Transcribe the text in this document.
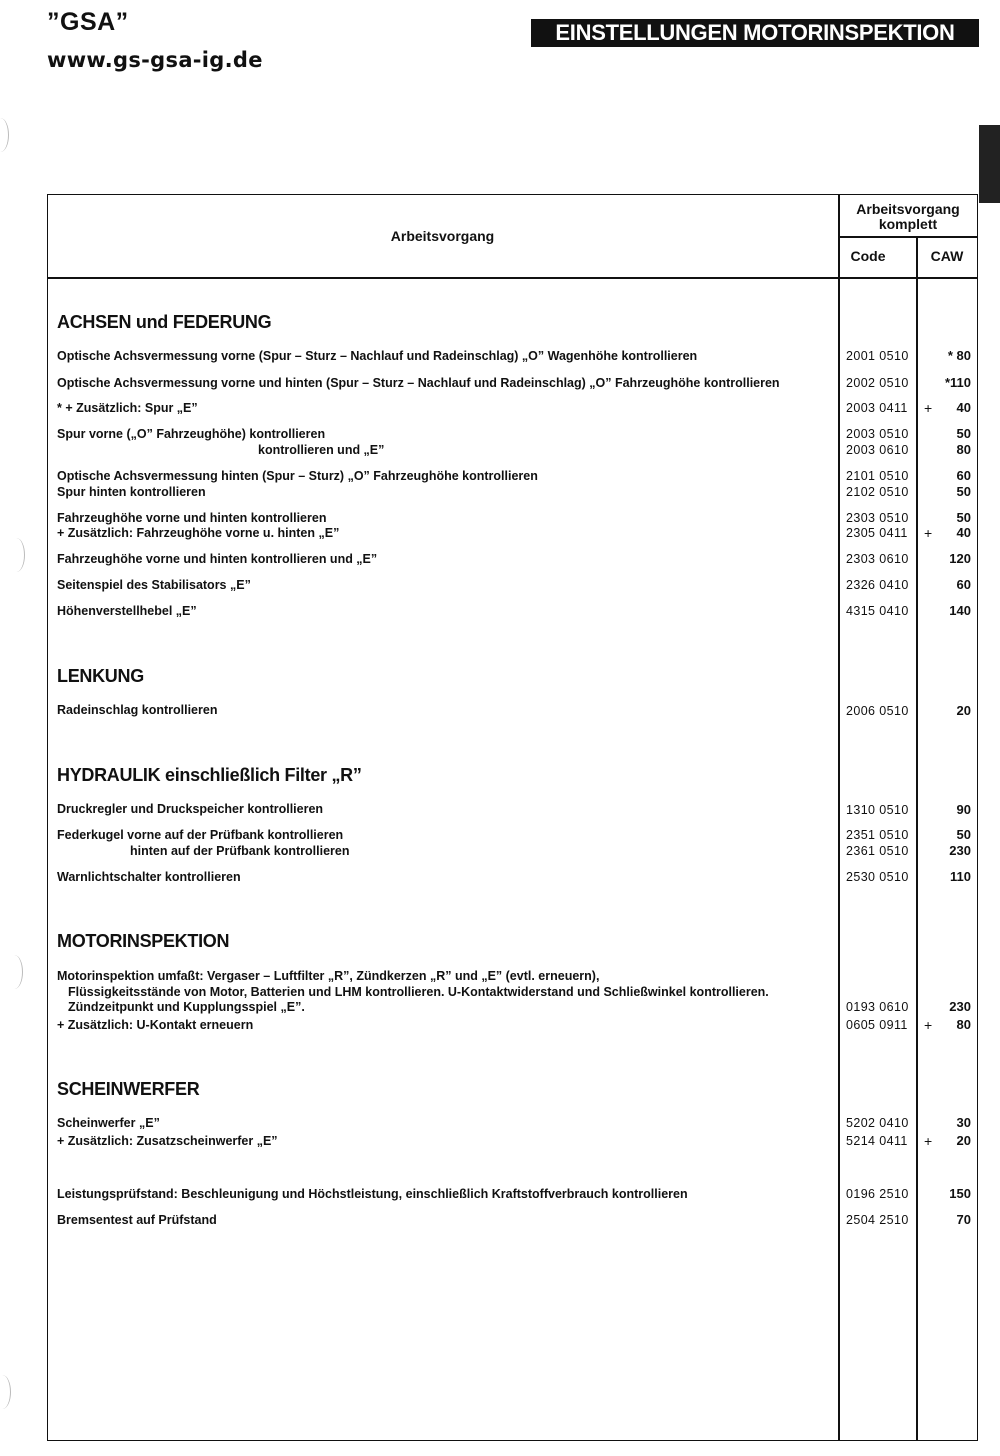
”GSA”
www.gs-gsa-ig.de
EINSTELLUNGEN MOTORINSPEKTION
Arbeitsvorgang
Arbeitsvorgang
komplett
Code	CAW
ACHSEN und FEDERUNG
Optische Achsvermessung vorne (Spur – Sturz – Nachlauf und Radeinschlag) „O” Wagenhöhe kontrollieren	2001 0510	* 80
Optische Achsvermessung vorne und hinten (Spur – Sturz – Nachlauf und Radeinschlag) „O” Fahrzeughöhe kontrollieren	2002 0510	*110
* + Zusätzlich: Spur „E”	2003 0411 + 40
Spur vorne („O” Fahrzeughöhe) kontrollieren	2003 0510	50
kontrollieren und „E”	2003 0610	80
Optische Achsvermessung hinten (Spur – Sturz) „O” Fahrzeughöhe kontrollieren	2101 0510	60
Spur hinten kontrollieren	2102 0510	50
Fahrzeughöhe vorne und hinten kontrollieren	2303 0510	50
+ Zusätzlich: Fahrzeughöhe vorne u. hinten „E”	2305 0411 + 40
Fahrzeughöhe vorne und hinten kontrollieren und „E”	2303 0610	120
Seitenspiel des Stabilisators „E”	2326 0410	60
Höhenverstellhebel „E”	4315 0410	140
LENKUNG
Radeinschlag kontrollieren	2006 0510	20
HYDRAULIK einschließlich Filter „R”
Druckregler und Druckspeicher kontrollieren	1310 0510	90
Federkugel vorne auf der Prüfbank kontrollieren	2351 0510	50
hinten auf der Prüfbank kontrollieren	2361 0510	230
Warnlichtschalter kontrollieren	2530 0510	110
MOTORINSPEKTION
Motorinspektion umfaßt: Vergaser – Luftfilter „R”, Zündkerzen „R” und „E” (evtl. erneuern),
Flüssigkeitsstände von Motor, Batterien und LHM kontrollieren. U-Kontaktwiderstand und Schließwinkel kontrollieren.
Zündzeitpunkt und Kupplungsspiel „E”.	0193 0610	230
+ Zusätzlich: U-Kontakt erneuern	0605 0911 + 80
SCHEINWERFER
Scheinwerfer „E”	5202 0410	30
+ Zusätzlich: Zusatzscheinwerfer „E”	5214 0411 + 20
Leistungsprüfstand: Beschleunigung und Höchstleistung, einschließlich Kraftstoffverbrauch kontrollieren	0196 2510	150
Bremsentest auf Prüfstand	2504 2510	70
